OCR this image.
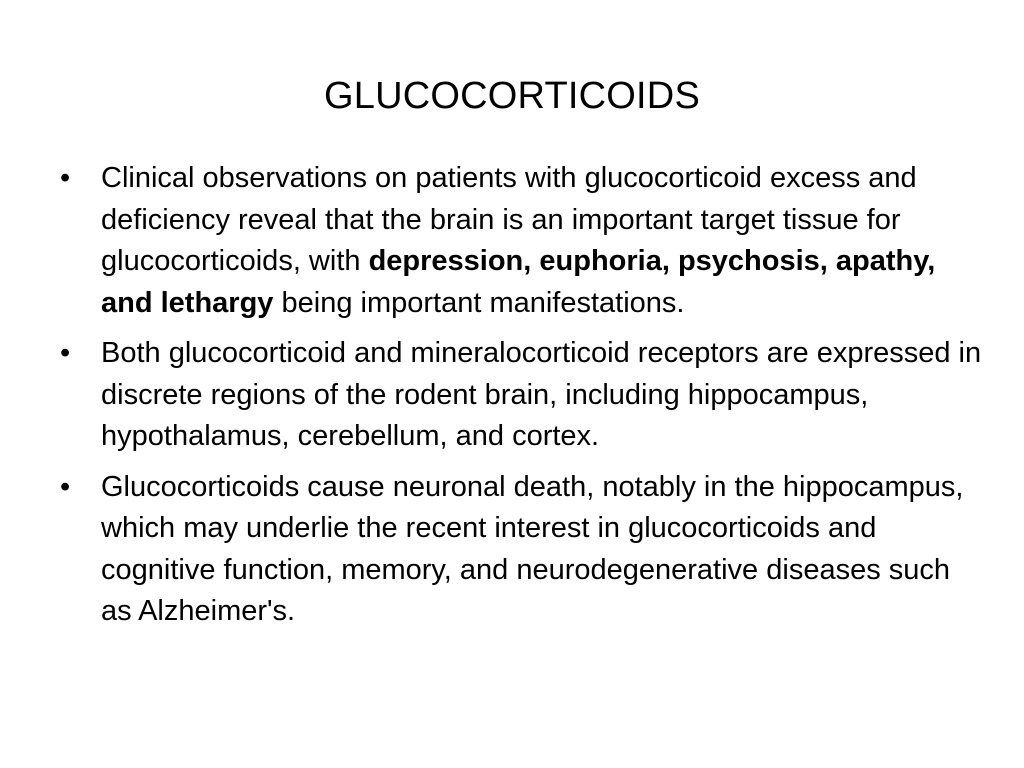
GLUCOCORTICOIDS
•	Clinical observations on patients with glucocorticoid excess and deficiency reveal that the brain is an important target tissue for glucocorticoids, with depression, euphoria, psychosis, apathy, and lethargy being important manifestations.
•	Both glucocorticoid and mineralocorticoid receptors are expressed in discrete regions of the rodent brain, including hippocampus, hypothalamus, cerebellum, and cortex.
•	Glucocorticoids cause neuronal death, notably in the hippocampus, which may underlie the recent interest in glucocorticoids and cognitive function, memory, and neurodegenerative diseases such as Alzheimer's.
